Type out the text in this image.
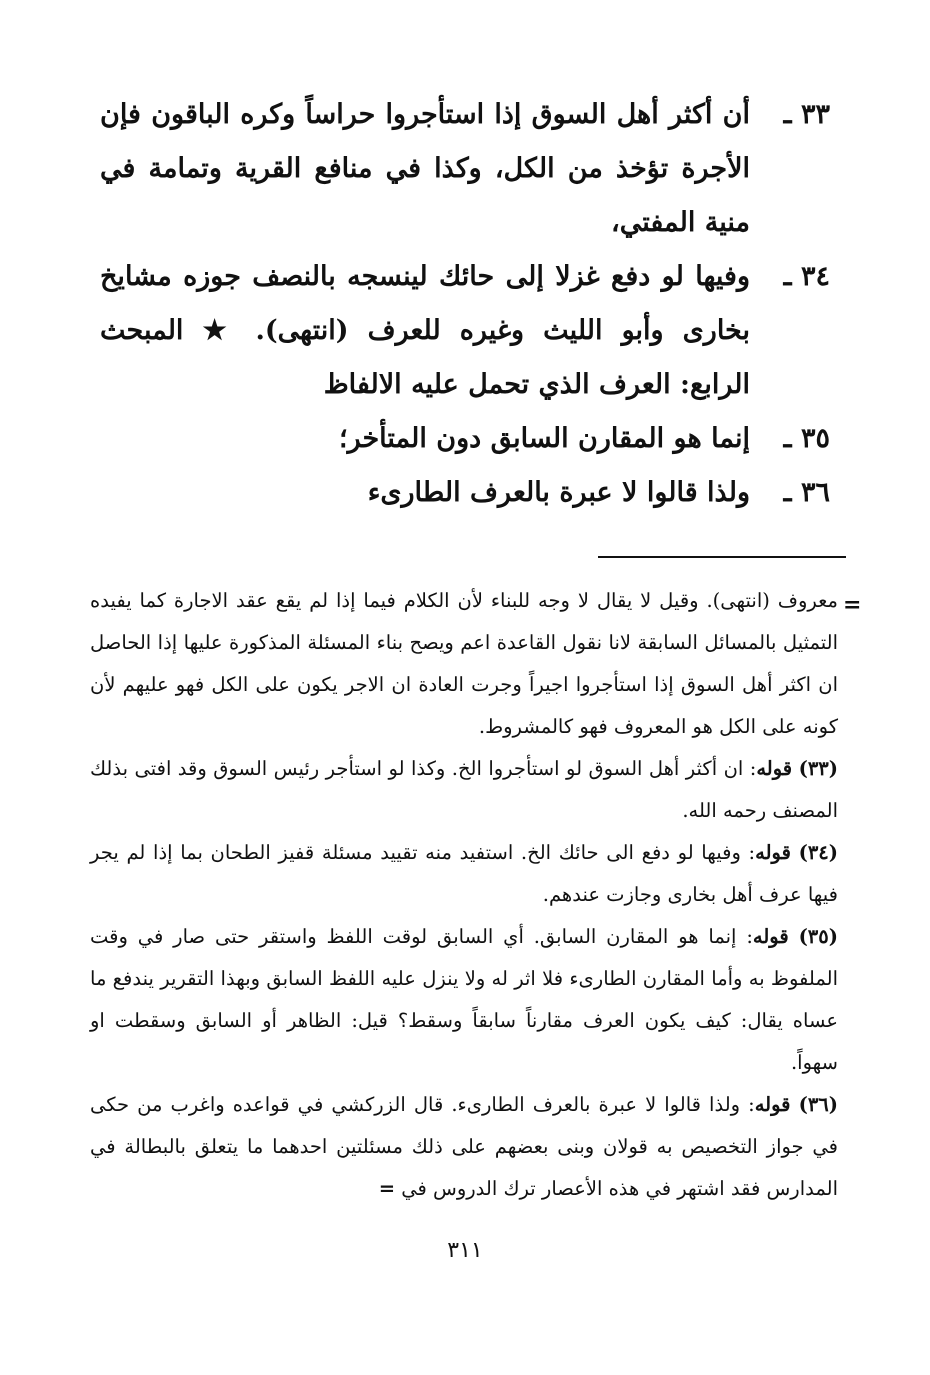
٣٣ ـ
أن أكثر أهل السوق إذا استأجروا حراساً وكره الباقون فإن الأجرة تؤخذ من الكل، وكذا في منافع القرية وتمامة في منية المفتي،
٣٤ ـ
وفيها لو دفع غزلا إلى حائك لينسجه بالنصف جوزه مشايخ بخارى وأبو الليث وغيره للعرف (انتهى). ★ المبحث الرابع: العرف الذي تحمل عليه الالفاظ
٣٥ ـ
إنما هو المقارن السابق دون المتأخر؛
٣٦ ـ
ولذا قالوا لا عبرة بالعرف الطارىء
=

معروف (انتهى). وقيل لا يقال لا وجه للبناء لأن الكلام فيما إذا لم يقع عقد الاجارة كما يفيده التمثيل بالمسائل السابقة لانا نقول القاعدة اعم ويصح بناء المسئلة المذكورة عليها إذا الحاصل ان اكثر أهل السوق إذا استأجروا اجيراً وجرت العادة ان الاجر يكون على الكل فهو عليهم لأن كونه على الكل هو المعروف فهو كالمشروط.

(٣٣) قوله: ان أكثر أهل السوق لو استأجروا الخ. وكذا لو استأجر رئيس السوق وقد افتى بذلك المصنف رحمه الله.

(٣٤) قوله: وفيها لو دفع الى حائك الخ. استفيد منه تقييد مسئلة قفيز الطحان بما إذا لم يجر فيها عرف أهل بخارى وجازت عندهم.

(٣٥) قوله: إنما هو المقارن السابق. أي السابق لوقت اللفظ واستقر حتى صار في وقت الملفوظ به وأما المقارن الطارىء فلا اثر له ولا ينزل عليه اللفظ السابق وبهذا التقرير يندفع ما عساه يقال: كيف يكون العرف مقارناً سابقاً وسقط؟ قيل: الظاهر أو السابق وسقطت او سهواً.

(٣٦) قوله: ولذا قالوا لا عبرة بالعرف الطارىء. قال الزركشي في قواعده واغرب من حكى في جواز التخصيص به قولان وبنى بعضهم على ذلك مسئلتين احدهما ما يتعلق بالبطالة في المدارس فقد اشتهر في هذه الأعصار ترك الدروس في =

٣١١
